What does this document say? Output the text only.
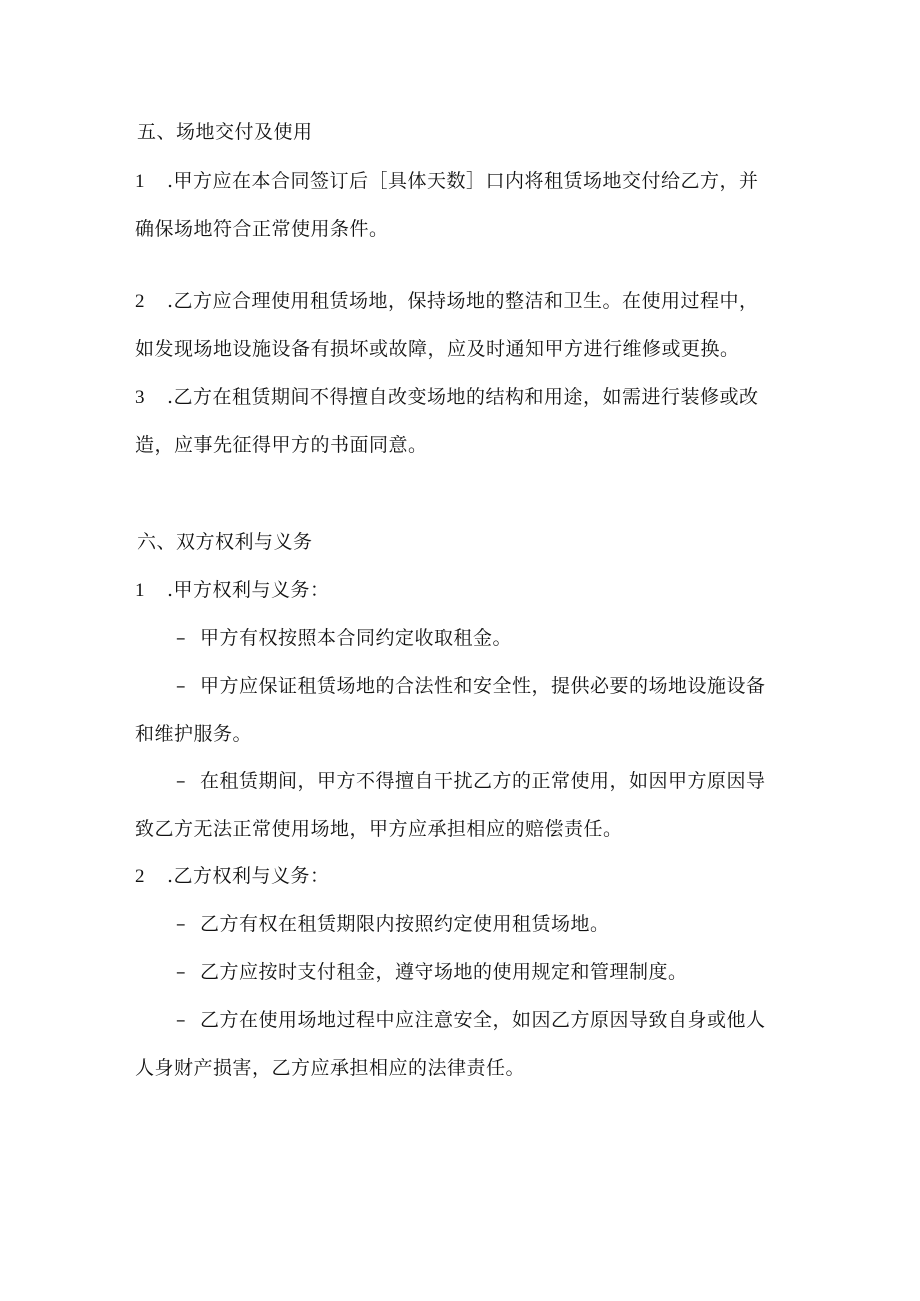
五、场地交付及使用
1 .甲方应在本合同签订后［具体天数］口内将租赁场地交付给乙方，并
确保场地符合正常使用条件。
2 .乙方应合理使用租赁场地，保持场地的整洁和卫生。在使用过程中，
如发现场地设施设备有损坏或故障，应及时通知甲方进行维修或更换。
3 .乙方在租赁期间不得擅自改变场地的结构和用途，如需进行装修或改
造，应事先征得甲方的书面同意。
六、双方权利与义务
1 .甲方权利与义务：
– 甲方有权按照本合同约定收取租金。
– 甲方应保证租赁场地的合法性和安全性，提供必要的场地设施设备
和维护服务。
– 在租赁期间，甲方不得擅自干扰乙方的正常使用，如因甲方原因导
致乙方无法正常使用场地，甲方应承担相应的赔偿责任。
2 .乙方权利与义务：
– 乙方有权在租赁期限内按照约定使用租赁场地。
– 乙方应按时支付租金，遵守场地的使用规定和管理制度。
– 乙方在使用场地过程中应注意安全，如因乙方原因导致自身或他人
人身财产损害，乙方应承担相应的法律责任。
